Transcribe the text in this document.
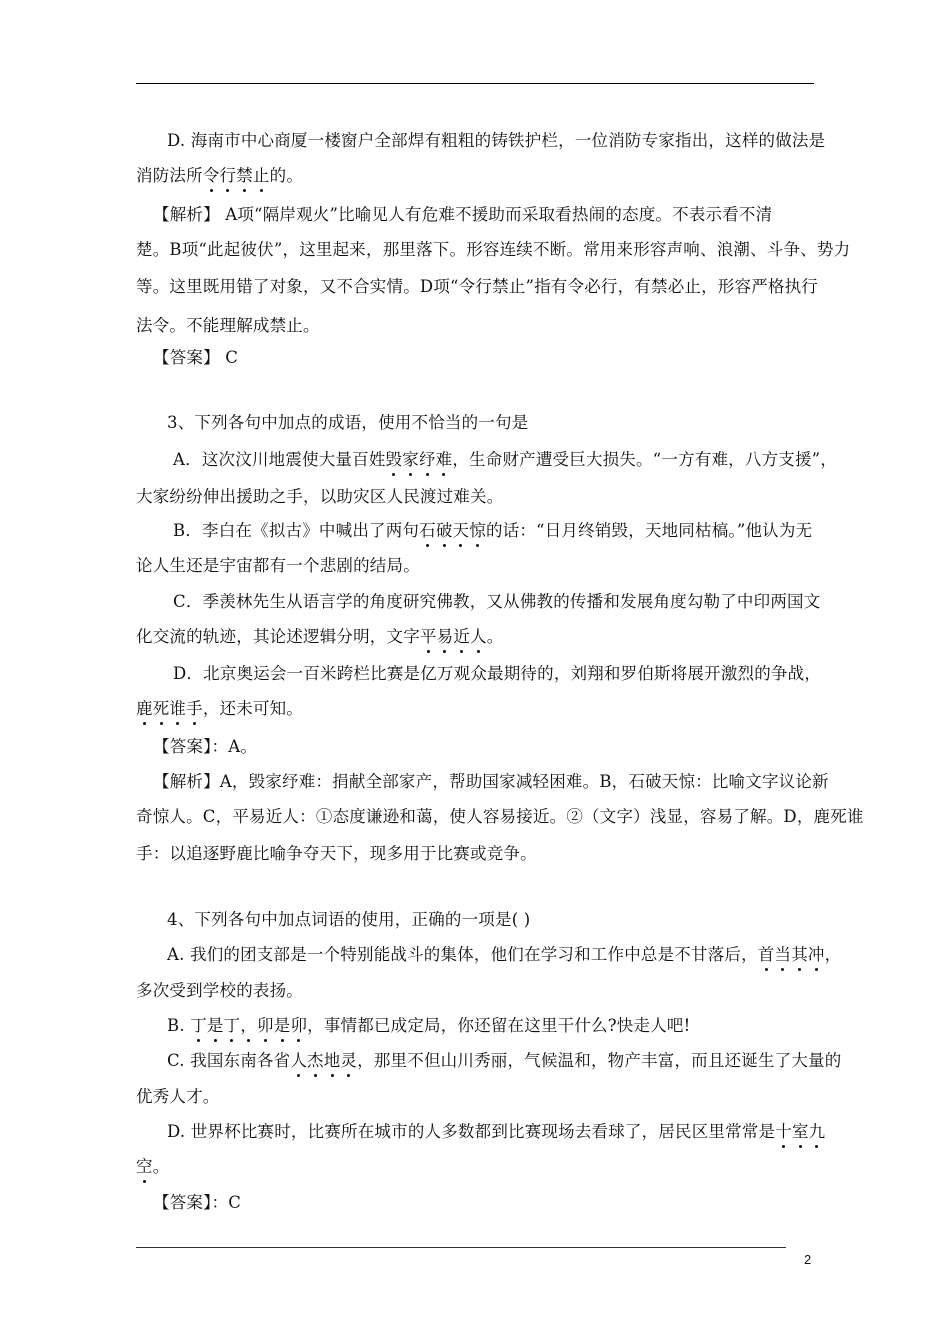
D. 海南市中心商厦一楼窗户全部焊有粗粗的铸铁护栏，一位消防专家指出，这样的做法是
消防法所令行禁止的。
【解析】 A项“隔岸观火”比喻见人有危难不援助而采取看热闹的态度。不表示看不清
楚。B项“此起彼伏”，这里起来，那里落下。形容连续不断。常用来形容声响、浪潮、斗争、势力
等。这里既用错了对象，又不合实情。D项“令行禁止”指有令必行，有禁必止，形容严格执行
法令。不能理解成禁止。
【答案】 C
3、下列各句中加点的成语，使用不恰当的一句是
A．这次汶川地震使大量百姓毁家纾难，生命财产遭受巨大损失。“一方有难，八方支援”，
大家纷纷伸出援助之手，以助灾区人民渡过难关。
B．李白在《拟古》中喊出了两句石破天惊的话：“日月终销毁，天地同枯槁。”他认为无
论人生还是宇宙都有一个悲剧的结局。
C．季羡林先生从语言学的角度研究佛教，又从佛教的传播和发展角度勾勒了中印两国文
化交流的轨迹，其论述逻辑分明，文字平易近人。
D．北京奥运会一百米跨栏比赛是亿万观众最期待的，刘翔和罗伯斯将展开激烈的争战，
鹿死谁手，还未可知。
【答案】：A。
【解析】A，毁家纾难：捐献全部家产，帮助国家减轻困难。B，石破天惊：比喻文字议论新
奇惊人。C，平易近人：①态度谦逊和蔼，使人容易接近。②（文字）浅显，容易了解。D，鹿死谁
手：以追逐野鹿比喻争夺天下，现多用于比赛或竞争。
4、下列各句中加点词语的使用，正确的一项是( )
A. 我们的团支部是一个特别能战斗的集体，他们在学习和工作中总是不甘落后，首当其冲，
多次受到学校的表扬。
B. 丁是丁，卯是卯，事情都已成定局，你还留在这里干什么?快走人吧!
C. 我国东南各省人杰地灵，那里不但山川秀丽，气候温和，物产丰富，而且还诞生了大量的
优秀人才。
D. 世界杯比赛时，比赛所在城市的人多数都到比赛现场去看球了，居民区里常常是十室九
空。
【答案】：C
2
